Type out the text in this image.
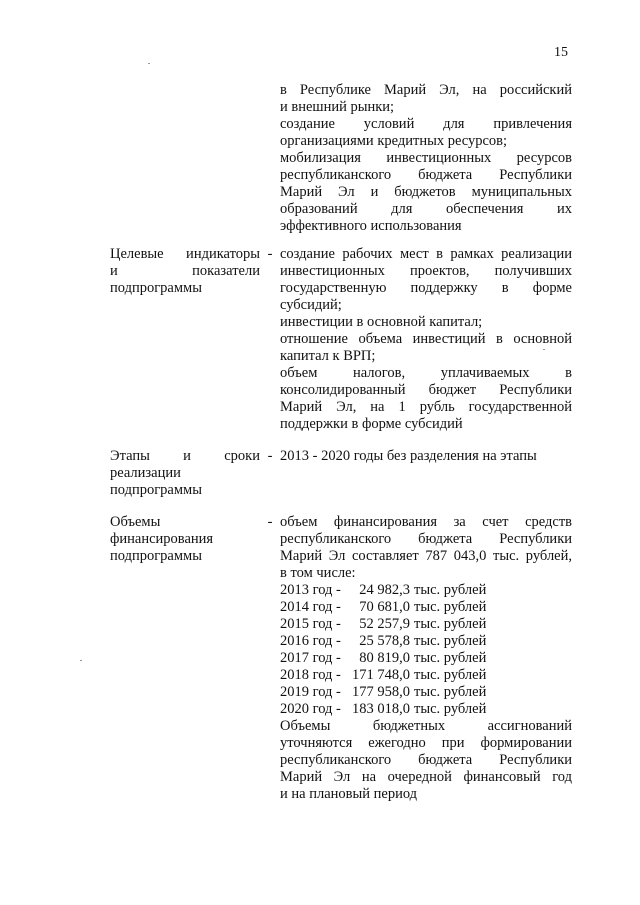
15
в Республике Марий Эл, на российский
и внешний рынки;
создание условий для привлечения
организациями кредитных ресурсов;
мобилизация инвестиционных ресурсов
республиканского бюджета Республики
Марий Эл и бюджетов муниципальных
образований для обеспечения их
эффективного использования
Целевые индикаторы
и показатели
подпрограммы
- создание рабочих мест в рамках реализации
инвестиционных проектов, получивших
государственную поддержку в форме
субсидий;
инвестиции в основной капитал;
отношение объема инвестиций в основной
капитал к ВРП;
объем налогов, уплачиваемых в
консолидированный бюджет Республики
Марий Эл, на 1 рубль государственной
поддержки в форме субсидий
Этапы и сроки
реализации
подпрограммы
- 2013 - 2020 годы без разделения на этапы
Объемы
финансирования
подпрограммы
- объем финансирования за счет средств
республиканского бюджета Республики
Марий Эл составляет 787 043,0 тыс. рублей,
в том числе:
2013 год -	24 982,3 тыс. рублей
2014 год -	70 681,0 тыс. рублей
2015 год -	52 257,9 тыс. рублей
2016 год -	25 578,8 тыс. рублей
2017 год -	80 819,0 тыс. рублей
2018 год - 171 748,0 тыс. рублей
2019 год - 177 958,0 тыс. рублей
2020 год - 183 018,0 тыс. рублей
Объемы бюджетных ассигнований
уточняются ежегодно при формировании
республиканского бюджета Республики
Марий Эл на очередной финансовый год
и на плановый период
